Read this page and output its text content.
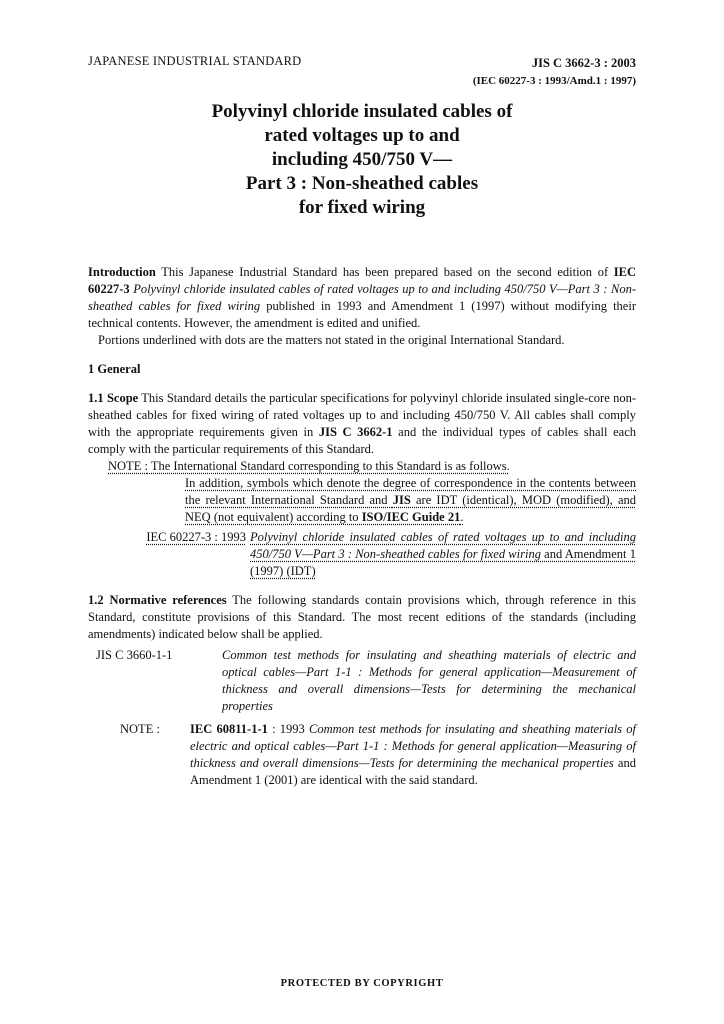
JAPANESE INDUSTRIAL STANDARD	JIS C 3662-3 : 2003
(IEC 60227-3 : 1993/Amd.1 : 1997)
Polyvinyl chloride insulated cables of
rated voltages up to and
including 450/750 V—
Part 3 : Non-sheathed cables
for fixed wiring

Introduction This Japanese Industrial Standard has been prepared based on the second edition of IEC 60227-3 Polyvinyl chloride insulated cables of rated voltages up to and including 450/750 V—Part 3 : Non-sheathed cables for fixed wiring published in 1993 and Amendment 1 (1997) without modifying their technical contents. However, the amendment is edited and unified.

Portions underlined with dots are the matters not stated in the original International Standard.

1 General

1.1 Scope This Standard details the particular specifications for polyvinyl chloride insulated single-core non-sheathed cables for fixed wiring of rated voltages up to and including 450/750 V. All cables shall comply with the appropriate requirements given in JIS C 3662-1 and the individual types of cables shall each comply with the particular requirements of this Standard.

NOTE : The International Standard corresponding to this Standard is as follows.

In addition, symbols which denote the degree of correspondence in the contents between the relevant International Standard and JIS are IDT (identical), MOD (modified), and NEQ (not equivalent) according to ISO/IEC Guide 21.

IEC 60227-3 : 1993 Polyvinyl chloride insulated cables of rated voltages up to and including 450/750 V—Part 3 : Non-sheathed cables for fixed wiring and Amendment 1 (1997) (IDT)

1.2 Normative references The following standards contain provisions which, through reference in this Standard, constitute provisions of this Standard. The most recent editions of the standards (including amendments) indicated below shall be applied.

JIS C 3660-1-1	Common test methods for insulating and sheathing materials of electric and optical cables—Part 1-1 : Methods for general application—Measurement of thickness and overall dimensions—Tests for determining the mechanical properties
NOTE :	IEC 60811-1-1 : 1993 Common test methods for insulating and sheathing materials of electric and optical cables—Part 1-1 : Methods for general application—Measuring of thickness and overall dimensions—Tests for determining the mechanical properties and Amendment 1 (2001) are identical with the said standard.
PROTECTED BY COPYRIGHT
